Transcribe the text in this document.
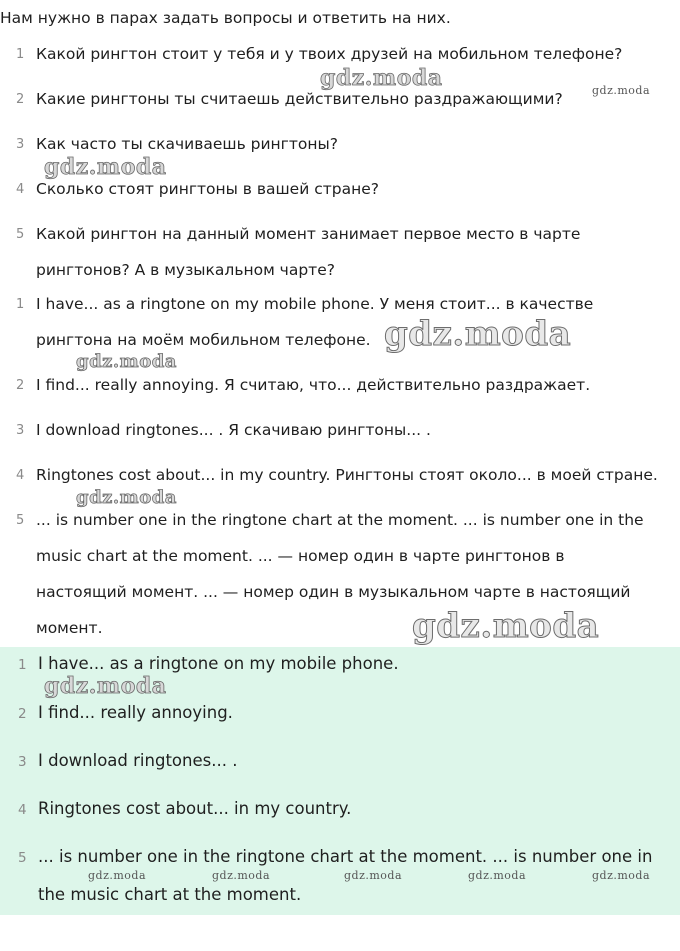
Нам нужно в парах задать вопросы и ответить на них.
1 Какой рингтон стоит у тебя и у твоих друзей на мобильном телефоне?
2 Какие рингтоны ты считаешь действительно раздражающими?
3 Как часто ты скачиваешь рингтоны?
4 Сколько стоят рингтоны в вашей стране?
5 Какой рингтон на данный момент занимает первое место в чарте
рингтонов? А в музыкальном чарте?
1 I have... as a ringtone on my mobile phone. У меня стоит... в качестве
рингтона на моём мобильном телефоне.
2 I find... really annoying. Я считаю, что... действительно раздражает.
3 I download ringtones... . Я скачиваю рингтоны... .
4 Ringtones cost about... in my country. Рингтоны стоят около... в моей стране.
5 ... is number one in the ringtone chart at the moment. ... is number one in the
music chart at the moment. ... — номер один в чарте рингтонов в
настоящий момент. ... — номер один в музыкальном чарте в настоящий
момент.
1 I have... as a ringtone on my mobile phone.
2 I find... really annoying.
3 I download ringtones... .
4 Ringtones cost about... in my country.
5 ... is number one in the ringtone chart at the moment. ... is number one in
the music chart at the moment.
gdz.moda	gdz.moda
gdz.moda
gdz.moda
gdz.moda
gdz.moda
gdz.moda
gdz.moda
gdz.moda	gdz.moda	gdz.moda	gdz.moda	gdz.moda
